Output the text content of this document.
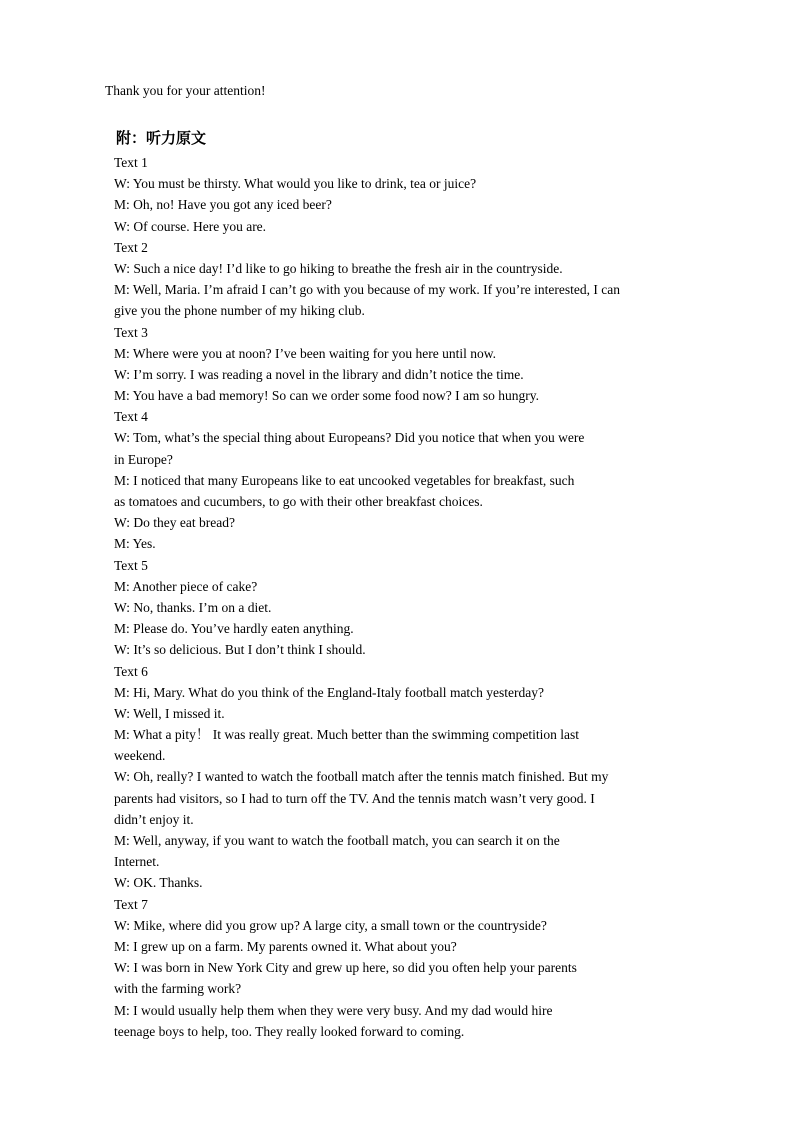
Thank you for your attention!
附：听力原文
Text 1
W: You must be thirsty. What would you like to drink, tea or juice?
M: Oh, no! Have you got any iced beer?
W: Of course. Here you are.
Text 2
W: Such a nice day! I’d like to go hiking to breathe the fresh air in the countryside.
M: Well, Maria. I’m afraid I can’t go with you because of my work. If you’re interested, I can
give you the phone number of my hiking club.
Text 3
M: Where were you at noon? I’ve been waiting for you here until now.
W: I’m sorry. I was reading a novel in the library and didn’t notice the time.
M: You have a bad memory! So can we order some food now? I am so hungry.
Text 4
W: Tom, what’s the special thing about Europeans? Did you notice that when you were
in Europe?
M: I noticed that many Europeans like to eat uncooked vegetables for breakfast, such
as tomatoes and cucumbers, to go with their other breakfast choices.
W: Do they eat bread?
M: Yes.
Text 5
M: Another piece of cake?
W: No, thanks. I’m on a diet.
M: Please do. You’ve hardly eaten anything.
W: It’s so delicious. But I don’t think I should.
Text 6
M: Hi, Mary. What do you think of the England-Italy football match yesterday?
W: Well, I missed it.
M: What a pity！ It was really great. Much better than the swimming competition last
weekend.
W: Oh, really? I wanted to watch the football match after the tennis match finished. But my
parents had visitors, so I had to turn off the TV. And the tennis match wasn’t very good. I
didn’t enjoy it.
M: Well, anyway, if you want to watch the football match, you can search it on the
Internet.
W: OK. Thanks.
Text 7
W: Mike, where did you grow up? A large city, a small town or the countryside?
M: I grew up on a farm. My parents owned it. What about you?
W: I was born in New York City and grew up here, so did you often help your parents
with the farming work?
M: I would usually help them when they were very busy. And my dad would hire
teenage boys to help, too. They really looked forward to coming.
